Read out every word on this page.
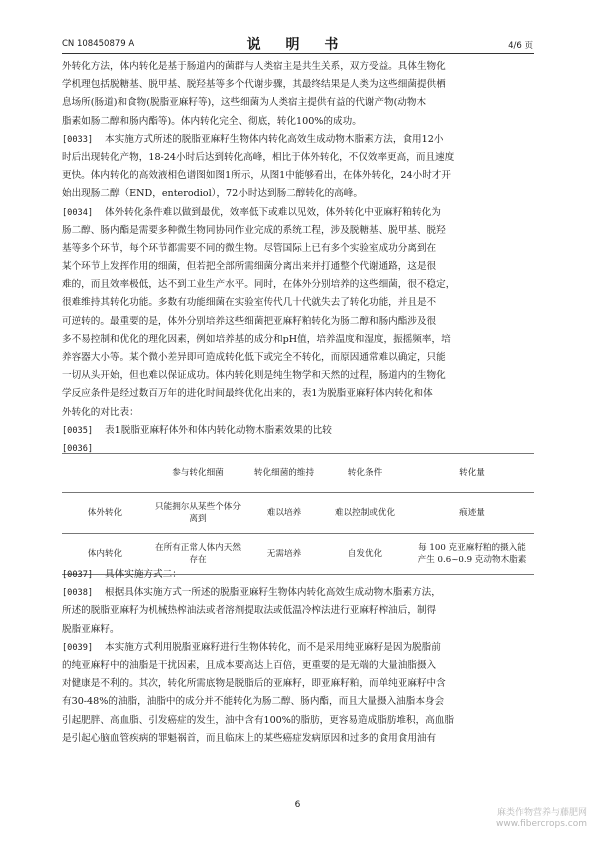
CN 108450879 A	说 明 书	4/6 页
外转化方法，体内转化是基于肠道内的菌群与人类宿主是共生关系，双方受益。具体生物化
学机理包括脱糖基、脱甲基、脱羟基等多个代谢步骤，其最终结果是人类为这些细菌提供栖
息场所(肠道)和食物(脱脂亚麻籽等)，这些细菌为人类宿主提供有益的代谢产物(动物木
脂素如肠二醇和肠内酯等)。体内转化完全、彻底，转化100%的成功。
[0033] 本实施方式所述的脱脂亚麻籽生物体内转化高效生成动物木脂素方法，食用12小
时后出现转化产物，18-24小时后达到转化高峰，相比于体外转化，不仅效率更高，而且速度
更快。体内转化的高效液相色谱图如图1所示，从图1中能够看出，在体外转化，24小时才开
始出现肠二醇（END，enterodiol），72小时达到肠二醇转化的高峰。
[0034] 体外转化条件难以做到最优，效率低下或难以见效，体外转化中亚麻籽粕转化为
肠二醇、肠内酯是需要多种微生物同协同作业完成的系统工程，涉及脱糖基、脱甲基、脱羟
基等多个环节，每个环节都需要不同的微生物。尽管国际上已有多个实验室成功分离到在
某个环节上发挥作用的细菌，但若把全部所需细菌分离出来并打通整个代谢通路，这是很
难的，而且效率极低，达不到工业生产水平。同时，在体外分别培养的这些细菌，很不稳定，
很难维持其转化功能。多数有功能细菌在实验室传代几十代就失去了转化功能，并且是不
可逆转的。最重要的是，体外分别培养这些细菌把亚麻籽粕转化为肠二醇和肠内酯涉及很
多不易控制和优化的理化因素，例如培养基的成分和pH值，培养温度和湿度，振摇频率，培
养容器大小等。某个微小差异即可造成转化低下或完全不转化，而原因通常难以确定，只能
一切从头开始，但也难以保证成功。体内转化则是纯生物学和天然的过程，肠道内的生物化
学反应条件是经过数百万年的进化时间最终优化出来的，表1为脱脂亚麻籽体内转化和体
外转化的对比表：
[0035] 表1脱脂亚麻籽体外和体内转化动物木脂素效果的比较
[0036]
	参与转化细菌	转化细菌的维持	转化条件	转化量
体外转化	只能拥尔从某些个体分离到	难以培养	难以控制或优化	痕迹量
体内转化	在所有正常人体内天然存在	无需培养	自发优化	每 100 克亚麻籽粕的摄入能产生 0.6~0.9 克动物木脂素
[0037] 具体实施方式二：
[0038] 根据具体实施方式一所述的脱脂亚麻籽生物体内转化高效生成动物木脂素方法，
所述的脱脂亚麻籽为机械热榨油法或者溶剂提取法或低温冷榨法进行亚麻籽榨油后，制得
脱脂亚麻籽。
[0039] 本实施方式利用脱脂亚麻籽进行生物体转化，而不是采用纯亚麻籽是因为脱脂前
的纯亚麻籽中的油脂是干扰因素，且成本要高达上百倍，更重要的是无端的大量油脂摄入
对健康是不利的。其次，转化所需底物是脱脂后的亚麻籽，即亚麻籽粕，而单纯亚麻籽中含
有30-48%的油脂，油脂中的成分并不能转化为肠二醇、肠内酯，而且大量摄入油脂本身会
引起肥胖、高血脂、引发癌症的发生，油中含有100%的脂肪，更容易造成脂肪堆积，高血脂
是引起心脑血管疾病的罪魁祸首，而且临床上的某些癌症发病原因和过多的食用食用油有
6
麻类作物营养与藤肥网
www.fibercrops.com
